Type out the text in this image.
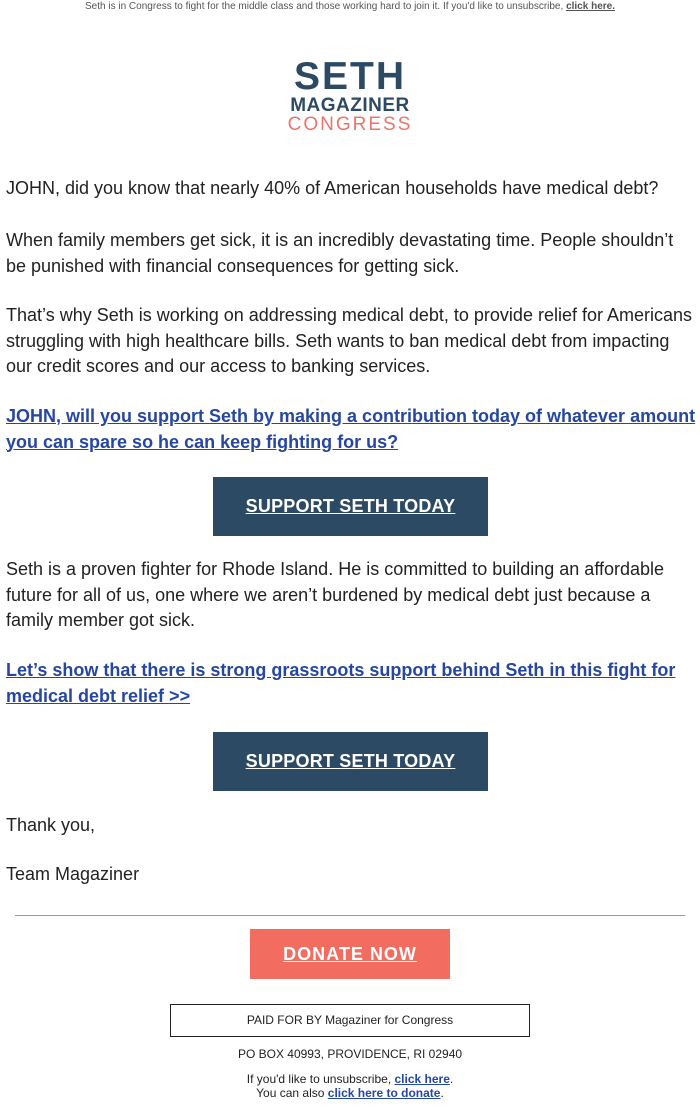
Seth is in Congress to fight for the middle class and those working hard to join it. If you'd like to unsubscribe, click here.
SETH
MAGAZINER
CONGRESS

JOHN, did you know that nearly 40% of American households have medical debt?

When family members get sick, it is an incredibly devastating time. People shouldn’t be punished with financial consequences for getting sick.

That’s why Seth is working on addressing medical debt, to provide relief for Americans struggling with high healthcare bills. Seth wants to ban medical debt from impacting our credit scores and our access to banking services.

JOHN, will you support Seth by making a contribution today of whatever amount you can spare so he can keep fighting for us?
SUPPORT SETH TODAY

Seth is a proven fighter for Rhode Island. He is committed to building an affordable future for all of us, one where we aren’t burdened by medical debt just because a family member got sick.

Let’s show that there is strong grassroots support behind Seth in this fight for medical debt relief >>
SUPPORT SETH TODAY

Thank you,

Team Magaziner

DONATE NOW
PAID FOR BY Magaziner for Congress
PO BOX 40993, PROVIDENCE, RI 02940
If you'd like to unsubscribe, click here.
You can also click here to donate.
